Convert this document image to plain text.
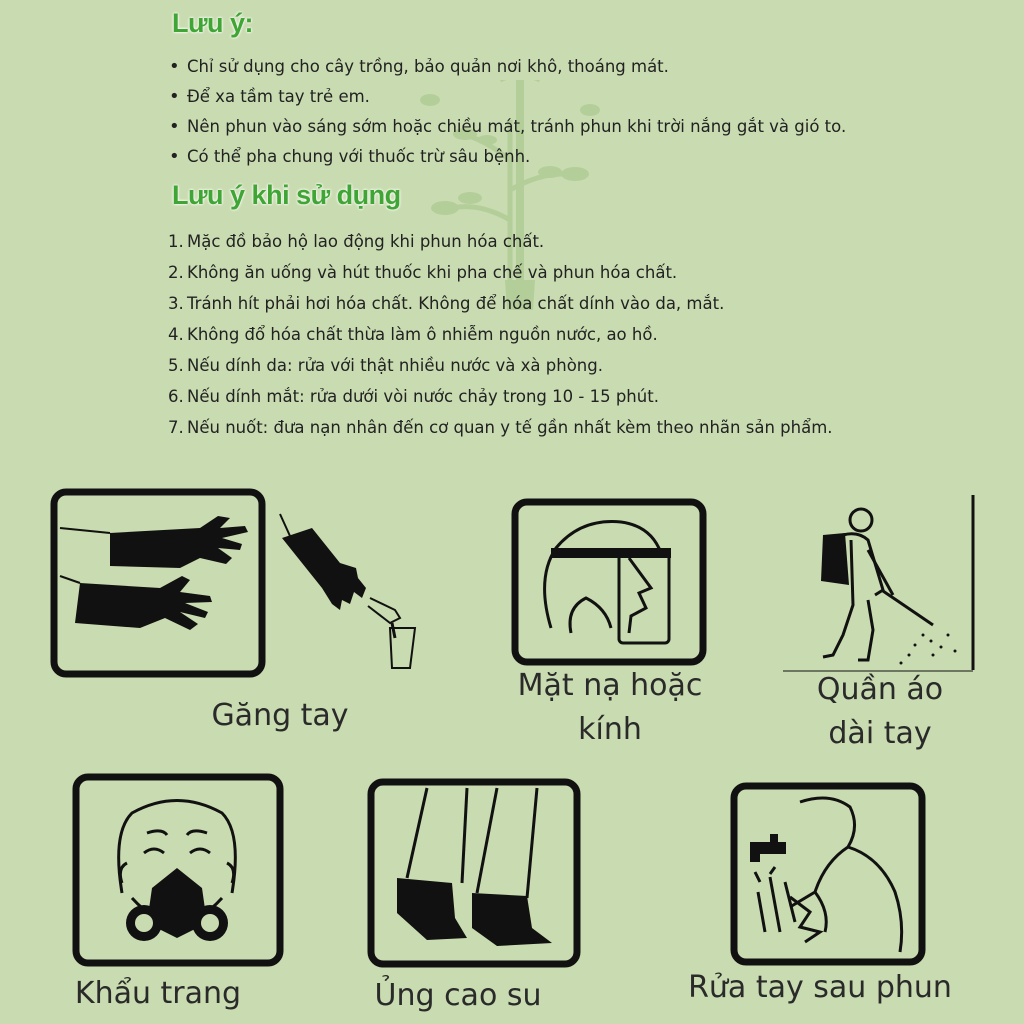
Lưu ý:
• Chỉ sử dụng cho cây trồng, bảo quản nơi khô, thoáng mát.
• Để xa tầm tay trẻ em.
• Nên phun vào sáng sớm hoặc chiều mát, tránh phun khi trời nắng gắt và gió to.
• Có thể pha chung với thuốc trừ sâu bệnh.
Lưu ý khi sử dụng
1. Mặc đồ bảo hộ lao động khi phun hóa chất.
2. Không ăn uống và hút thuốc khi pha chế và phun hóa chất.
3. Tránh hít phải hơi hóa chất. Không để hóa chất dính vào da, mắt.
4. Không đổ hóa chất thừa làm ô nhiễm nguồn nước, ao hồ.
5. Nếu dính da: rửa với thật nhiều nước và xà phòng.
6. Nếu dính mắt: rửa dưới vòi nước chảy trong 10 - 15 phút.
7. Nếu nuốt: đưa nạn nhân đến cơ quan y tế gần nhất kèm theo nhãn sản phẩm.
Găng tay
Mặt nạ hoặc
kính
Quần áo
dài tay
Khẩu trang	Ủng cao su	Rửa tay sau phun
